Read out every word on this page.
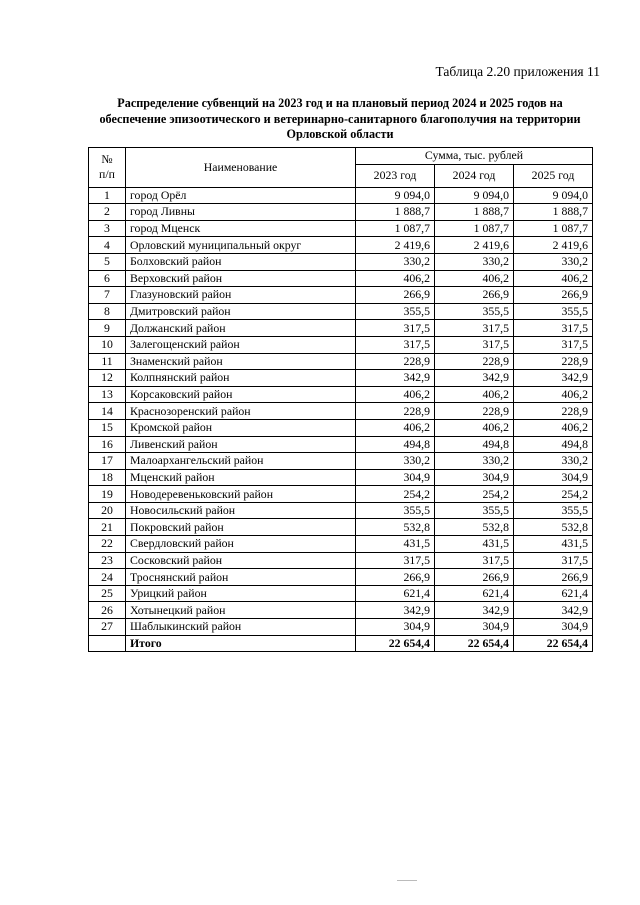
Таблица 2.20 приложения 11
Распределение субвенций на 2023 год и на плановый период 2024 и 2025 годов на
обеспечение эпизоотического и ветеринарно-санитарного благополучия на территории
Орловской области
№
п/п	Наименование	Сумма, тыс. рублей		
		2023 год	2024 год	2025 год
1	город Орёл	9 094,0	9 094,0	9 094,0
2	город Ливны	1 888,7	1 888,7	1 888,7
3	город Мценск	1 087,7	1 087,7	1 087,7
4	Орловский муниципальный округ	2 419,6	2 419,6	2 419,6
5	Болховский район	330,2	330,2	330,2
6	Верховский район	406,2	406,2	406,2
7	Глазуновский район	266,9	266,9	266,9
8	Дмитровский район	355,5	355,5	355,5
9	Должанский район	317,5	317,5	317,5
10	Залегощенский район	317,5	317,5	317,5
11	Знаменский район	228,9	228,9	228,9
12	Колпнянский район	342,9	342,9	342,9
13	Корсаковский район	406,2	406,2	406,2
14	Краснозоренский район	228,9	228,9	228,9
15	Кромской район	406,2	406,2	406,2
16	Ливенский район	494,8	494,8	494,8
17	Малоархангельский район	330,2	330,2	330,2
18	Мценский район	304,9	304,9	304,9
19	Новодеревеньковский район	254,2	254,2	254,2
20	Новосильский район	355,5	355,5	355,5
21	Покровский район	532,8	532,8	532,8
22	Свердловский район	431,5	431,5	431,5
23	Сосковский район	317,5	317,5	317,5
24	Троснянский район	266,9	266,9	266,9
25	Урицкий район	621,4	621,4	621,4
26	Хотынецкий район	342,9	342,9	342,9
27	Шаблыкинский район	304,9	304,9	304,9
	Итого	22 654,4	22 654,4	22 654,4
